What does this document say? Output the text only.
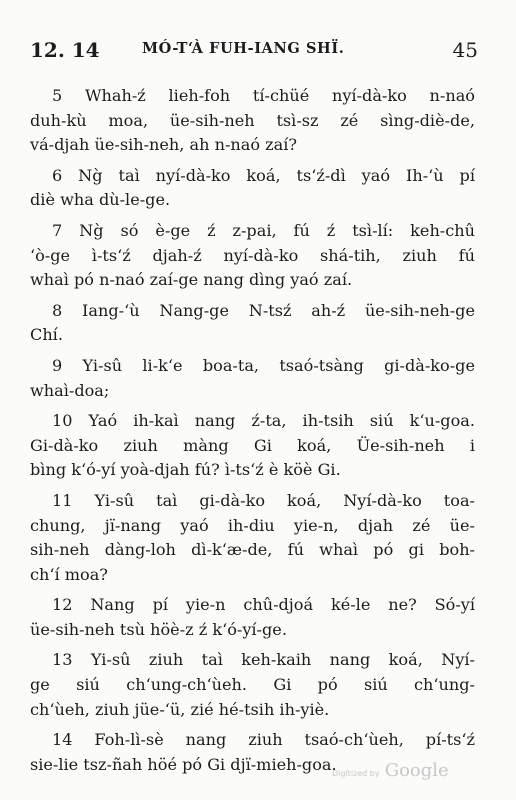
12. 14	MÓ-T‘À FUH-IANG SHÏ.	45
5 Whah-ź lieh-foh tí-chüé nyí-dà-ko n-naó
duh-kù moa, üe-sih-neh tsì-sz zé sìng-diè-de,
vá-djah üe-sih-neh, ah n-naó zaí?
6 Ng̀ taì nyí-dà-ko koá, ts‘ź-dì yaó Ih-‘ù pí
diè wha dù-le-ge.
7 Ng̀ só è-ge ź z-pai, fú ź tsì-lí: keh-chû
‘ò-ge ì-ts‘ź djah-ź nyí-dà-ko shá-tih, ziuh fú
whaì pó n-naó zaí-ge nang dìng yaó zaí.
8 Iang-‘ù Nang-ge N-tsź ah-ź üe-sih-neh-ge
Chí.
9 Yi-sû li-k‘e boa-ta, tsaó-tsàng gi-dà-ko-ge
whaì-doa;
10 Yaó ih-kaì nang ź-ta, ih-tsih siú k‘u-goa.
Gi-dà-ko ziuh màng Gi koá, Üe-sih-neh i
bìng k‘ó-yí yoà-djah fú? ì-ts‘ź è köè Gi.
11 Yi-sû taì gi-dà-ko koá, Nyí-dà-ko toa-
chung, jï-nang yaó ih-diu yie-n, djah zé üe-
sih-neh dàng-loh dì-k‘æ-de, fú whaì pó gi boh-
ch‘í moa?
12 Nang pí yie-n chû-djoá ké-le ne? Só-yí
üe-sih-neh tsù höè-z ź k‘ó-yí-ge.
13 Yi-sû ziuh taì keh-kaih nang koá, Nyí-
ge siú ch‘ung-ch‘ùeh. Gi pó siú ch‘ung-
ch‘ùeh, ziuh jüe-‘ü, zié hé-tsih ih-yiè.
14 Foh-lì-sè nang ziuh tsaó-ch‘ùeh, pí-ts‘ź
sie-lie tsz-ñah höé pó Gi djï-mieh-goa.
Digitized by Google
